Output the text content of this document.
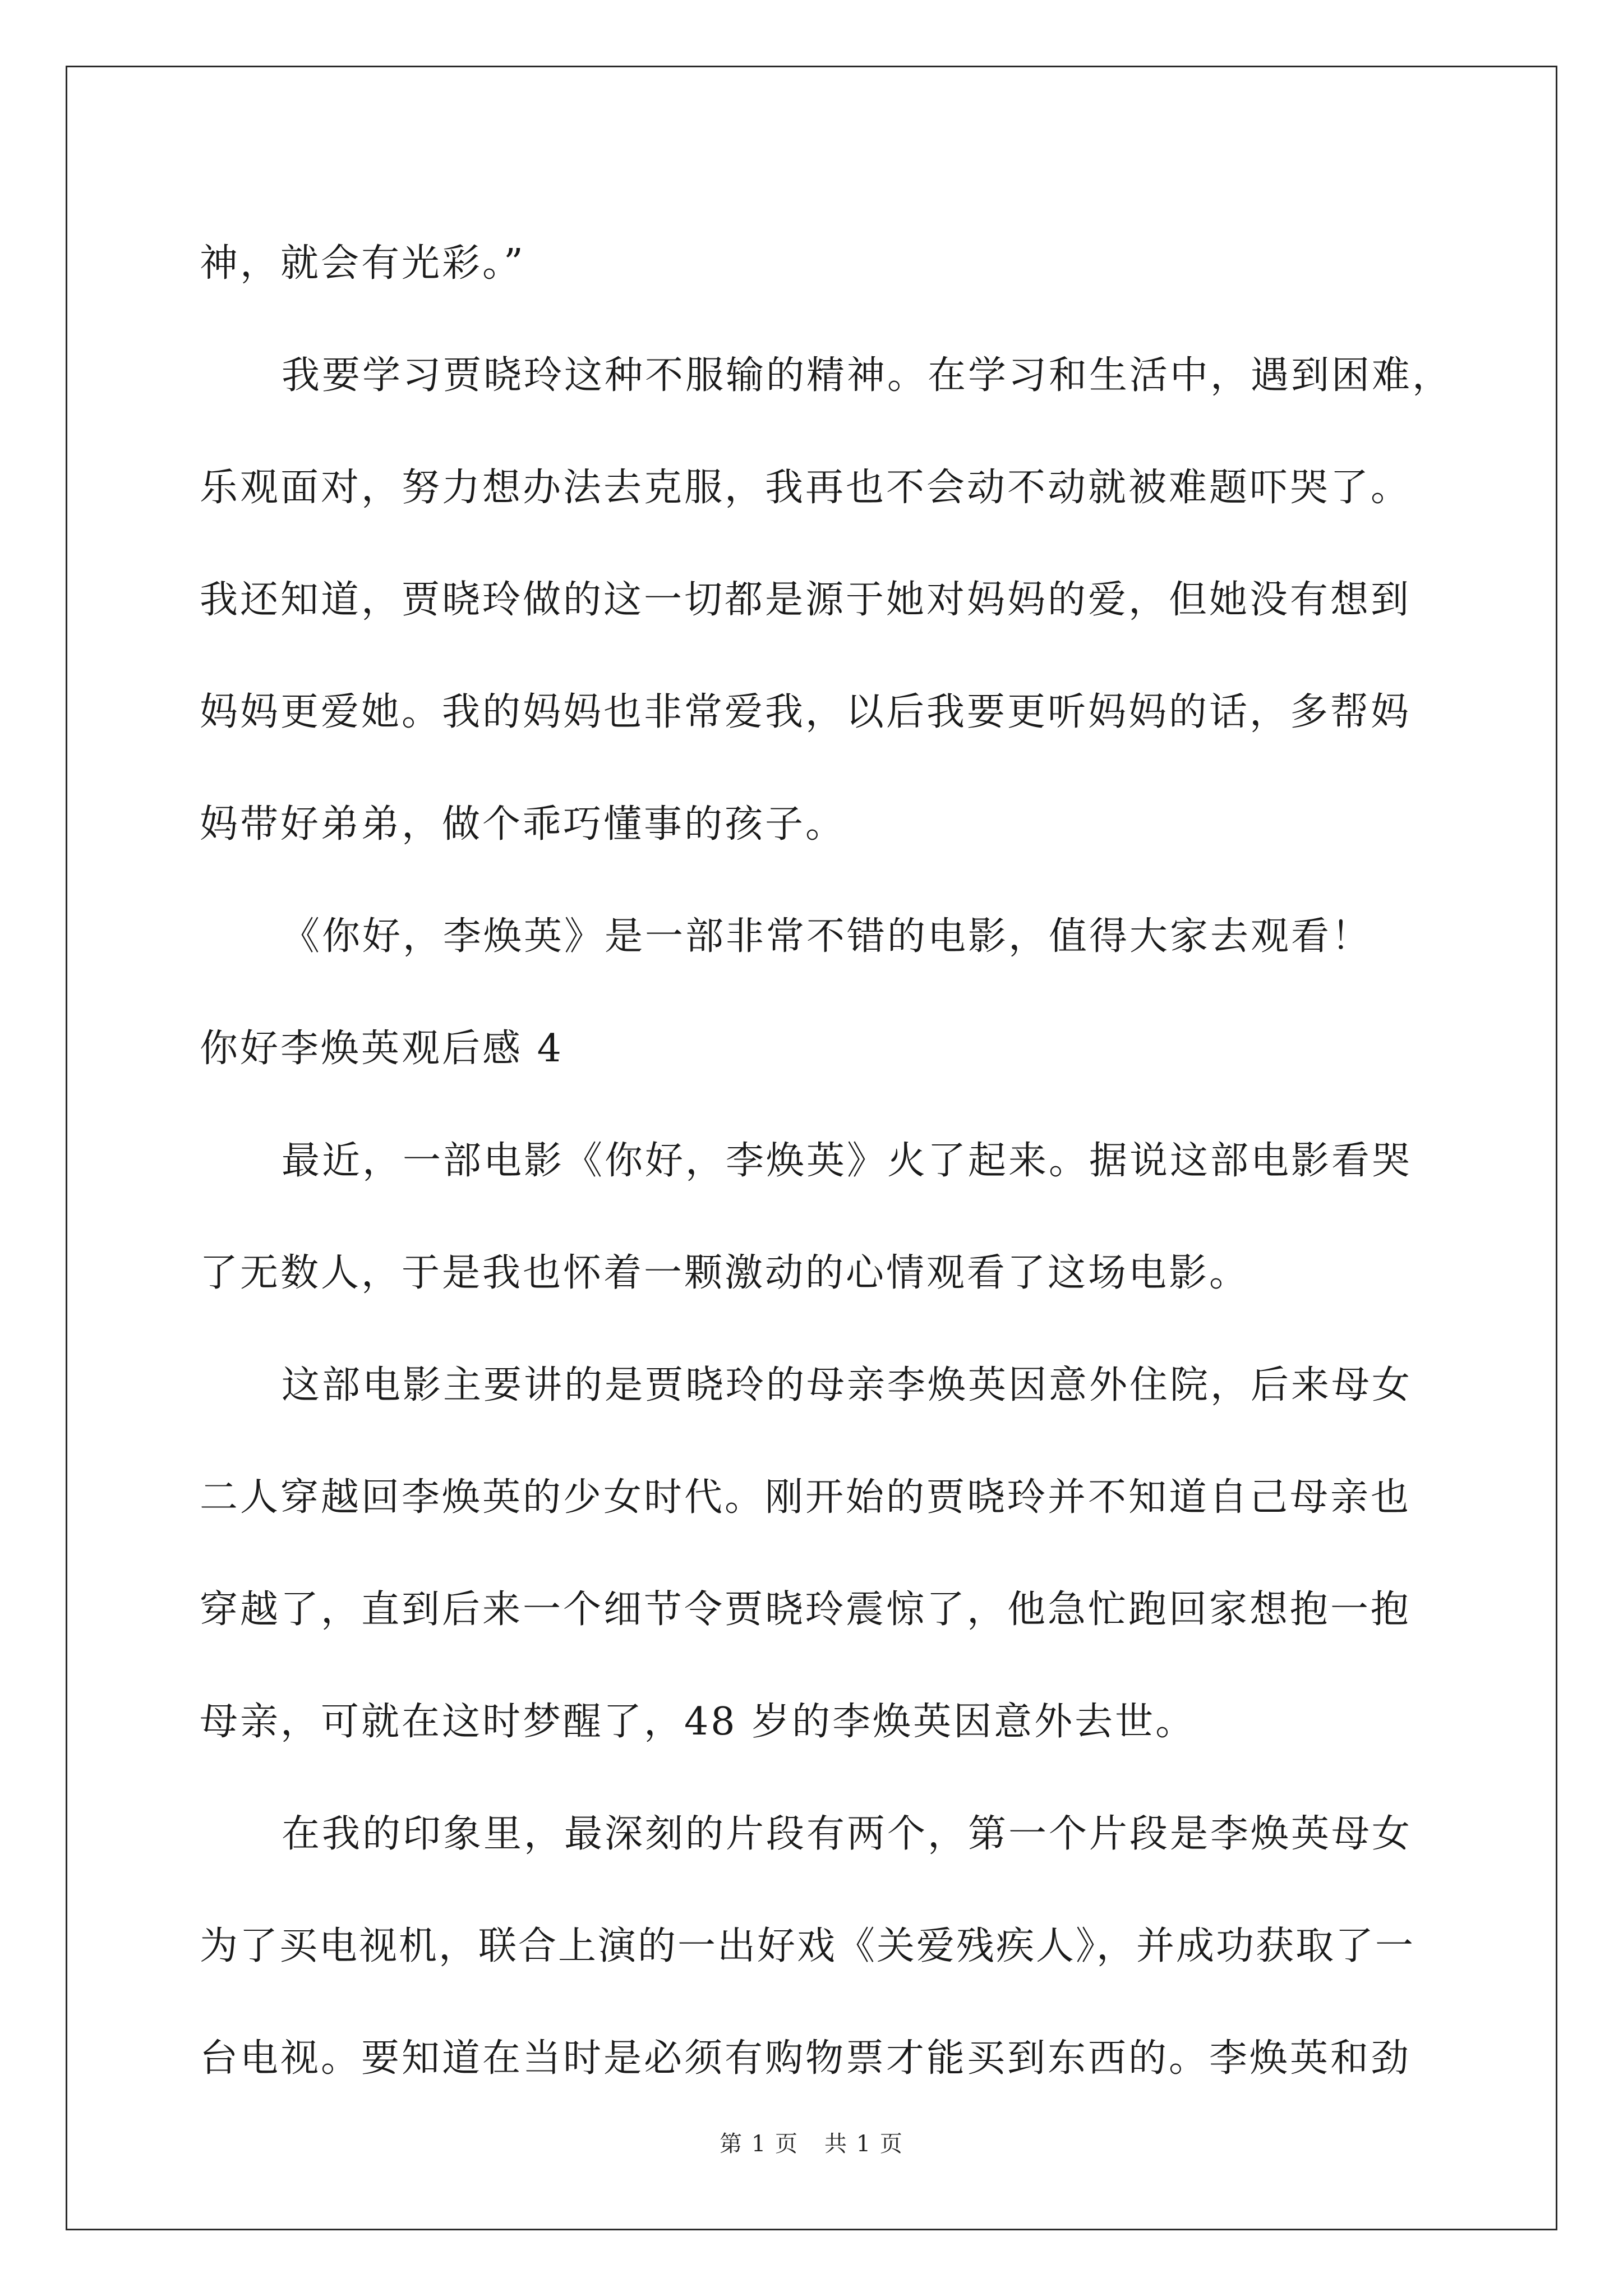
神，就会有光彩。”
我要学习贾晓玲这种不服输的精神。在学习和生活中，遇到困难，
乐观面对，努力想办法去克服，我再也不会动不动就被难题吓哭了。
我还知道，贾晓玲做的这一切都是源于她对妈妈的爱，但她没有想到
妈妈更爱她。我的妈妈也非常爱我，以后我要更听妈妈的话，多帮妈
妈带好弟弟，做个乖巧懂事的孩子。
《你好，李焕英》是一部非常不错的电影，值得大家去观看！
你好李焕英观后感 4
最近，一部电影《你好，李焕英》火了起来。据说这部电影看哭
了无数人，于是我也怀着一颗激动的心情观看了这场电影。
这部电影主要讲的是贾晓玲的母亲李焕英因意外住院，后来母女
二人穿越回李焕英的少女时代。刚开始的贾晓玲并不知道自己母亲也
穿越了，直到后来一个细节令贾晓玲震惊了，他急忙跑回家想抱一抱
母亲，可就在这时梦醒了，48 岁的李焕英因意外去世。
在我的印象里，最深刻的片段有两个，第一个片段是李焕英母女
为了买电视机，联合上演的一出好戏《关爱残疾人》，并成功获取了一
台电视。要知道在当时是必须有购物票才能买到东西的。李焕英和劲
第 1 页 共 1 页
